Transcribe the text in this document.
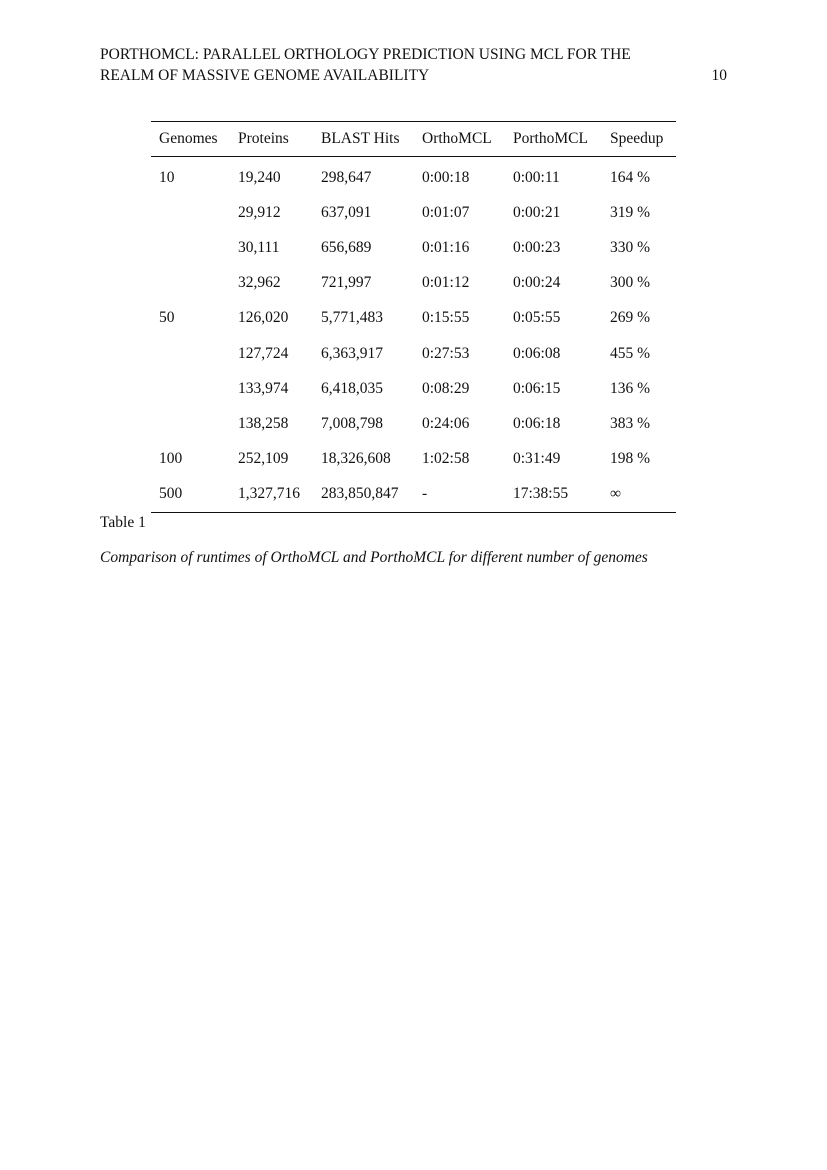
PORTHOMCL: PARALLEL ORTHOLOGY PREDICTION USING MCL FOR THE
REALM OF MASSIVE GENOME AVAILABILITY	10
Genomes	Proteins	BLAST Hits	OrthoMCL	PorthoMCL	Speedup
10	19,240	298,647	0:00:18	0:00:11	164 %
	29,912	637,091	0:01:07	0:00:21	319 %
	30,111	656,689	0:01:16	0:00:23	330 %
	32,962	721,997	0:01:12	0:00:24	300 %
50	126,020	5,771,483	0:15:55	0:05:55	269 %
	127,724	6,363,917	0:27:53	0:06:08	455 %
	133,974	6,418,035	0:08:29	0:06:15	136 %
	138,258	7,008,798	0:24:06	0:06:18	383 %
100	252,109	18,326,608	1:02:58	0:31:49	198 %
500	1,327,716	283,850,847	-	17:38:55	∞
Table 1
Comparison of runtimes of OrthoMCL and PorthoMCL for different number of genomes
